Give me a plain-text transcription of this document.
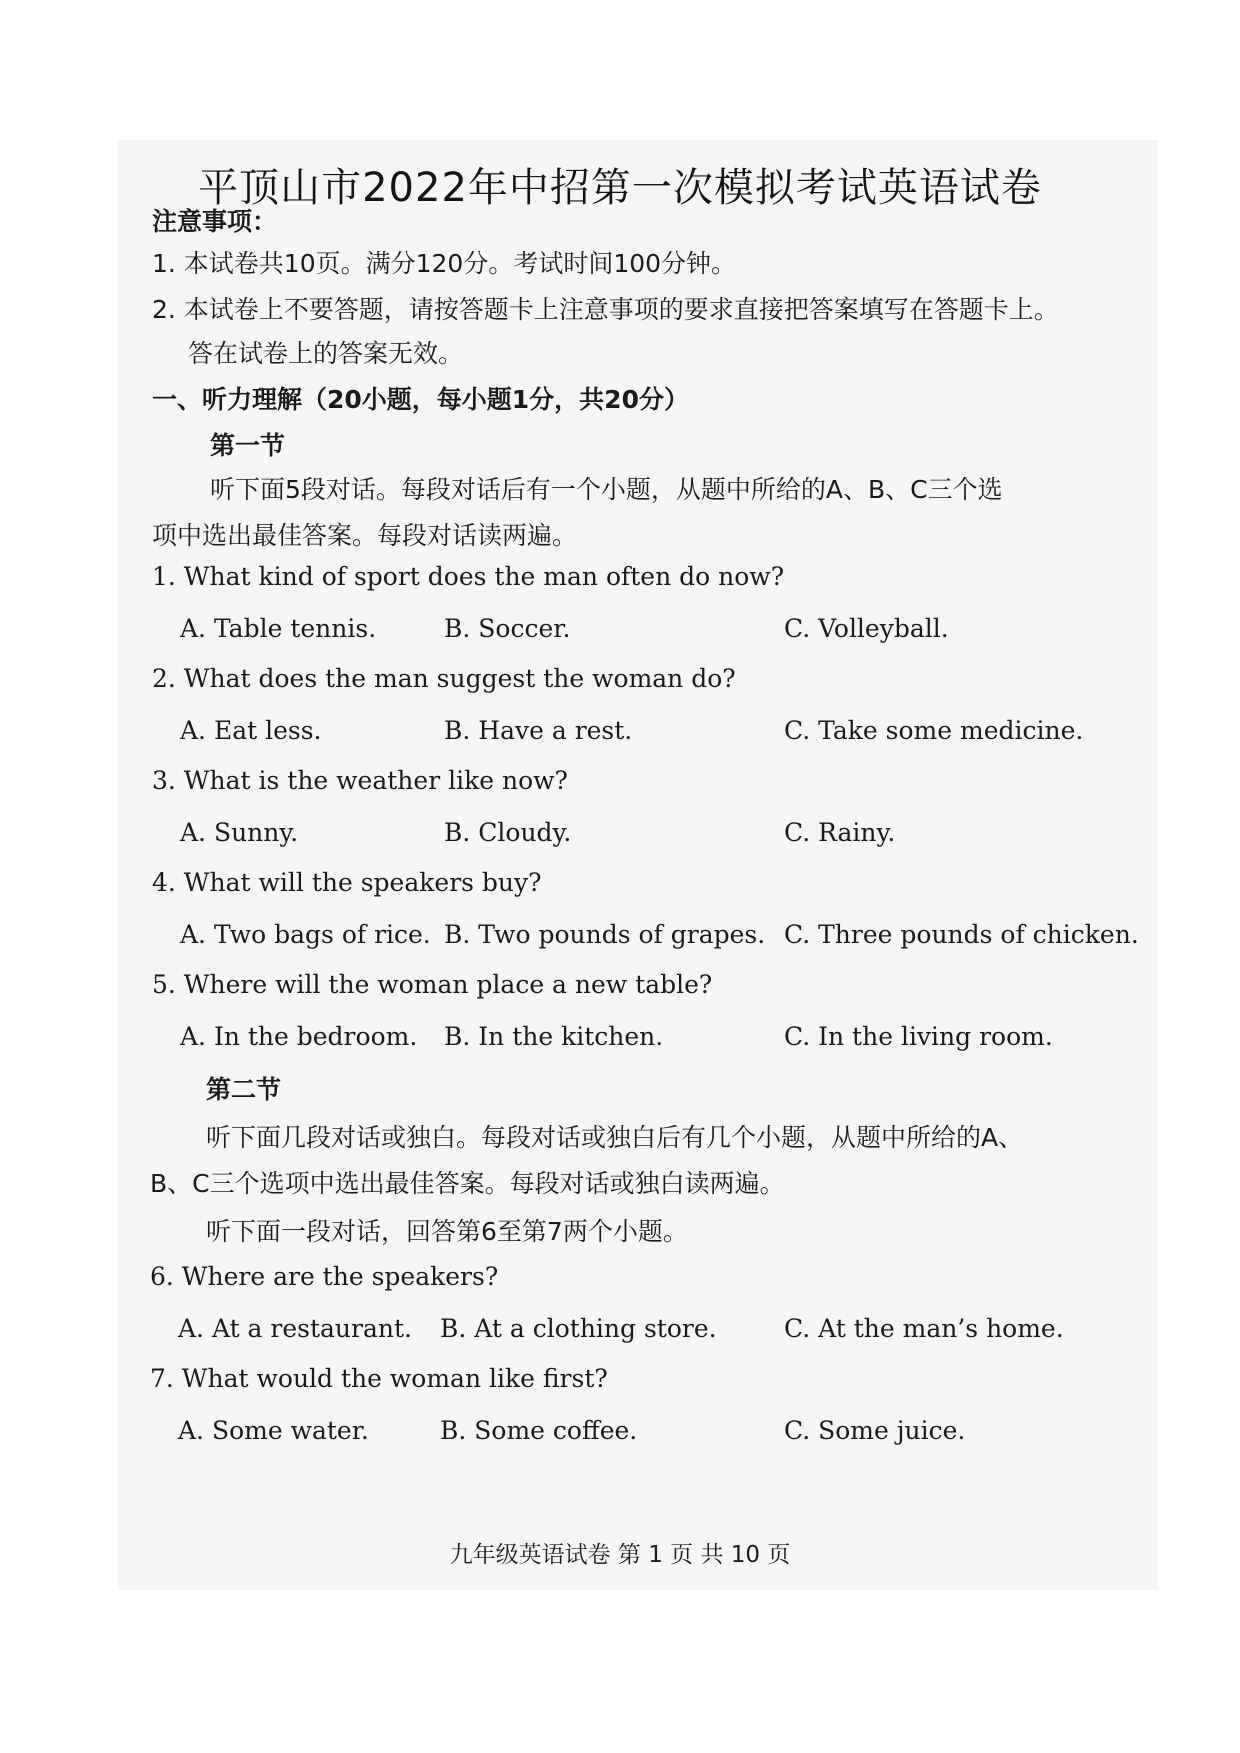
平顶山市2022年中招第一次模拟考试英语试卷
注意事项：
1. 本试卷共10页。满分120分。考试时间100分钟。
2. 本试卷上不要答题，请按答题卡上注意事项的要求直接把答案填写在答题卡上。
答在试卷上的答案无效。
一、听力理解（20小题，每小题1分，共20分）
第一节
听下面5段对话。每段对话后有一个小题，从题中所给的A、B、C三个选
项中选出最佳答案。每段对话读两遍。
1. What kind of sport does the man often do now?
A. Table tennis.	B. Soccer.	C. Volleyball.
2. What does the man suggest the woman do?
A. Eat less.	B. Have a rest.	C. Take some medicine.
3. What is the weather like now?
A. Sunny.	B. Cloudy.	C. Rainy.
4. What will the speakers buy?
A. Two bags of rice. B. Two pounds of grapes. C. Three pounds of chicken.
5. Where will the woman place a new table?
A. In the bedroom. B. In the kitchen.	C. In the living room.
第二节
听下面几段对话或独白。每段对话或独白后有几个小题，从题中所给的A、
B、C三个选项中选出最佳答案。每段对话或独白读两遍。
听下面一段对话，回答第6至第7两个小题。
6. Where are the speakers?
A. At a restaurant. B. At a clothing store.	C. At the man’s home.
7. What would the woman like first?
A. Some water.	B. Some coffee.	C. Some juice.
九年级英语试卷 第 1 页 共 10 页
